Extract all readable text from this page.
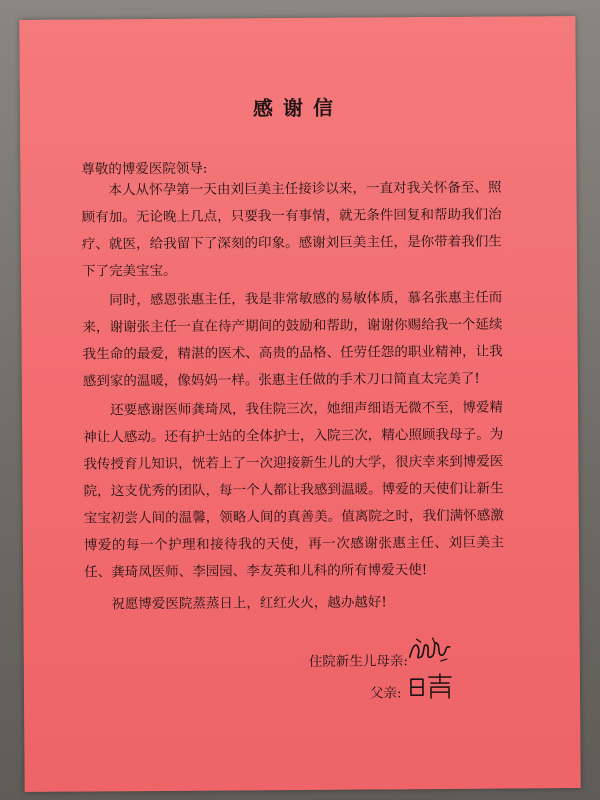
感谢信
尊敬的博爱医院领导:
本人从怀孕第一天由刘巨美主任接诊以来，一直对我关怀备至、照顾有加。无论晚上几点，只要我一有事情，就无条件回复和帮助我们治疗、就医，给我留下了深刻的印象。感谢刘巨美主任，是你带着我们生下了完美宝宝。
同时，感恩张惠主任，我是非常敏感的易敏体质，慕名张惠主任而来，谢谢张主任一直在待产期间的鼓励和帮助，谢谢你赐给我一个延续我生命的最爱，精湛的医术、高贵的品格、任劳任怨的职业精神，让我感到家的温暖，像妈妈一样。张惠主任做的手术刀口简直太完美了!
还要感谢医师龚琦凤，我住院三次，她细声细语无微不至，博爱精神让人感动。还有护士站的全体护士，入院三次，精心照顾我母子。为我传授育儿知识，恍若上了一次迎接新生儿的大学，很庆幸来到博爱医院，这支优秀的团队，每一个人都让我感到温暖。博爱的天使们让新生宝宝初尝人间的温馨，领略人间的真善美。值离院之时，我们满怀感激博爱的每一个护理和接待我的天使，再一次感谢张惠主任、刘巨美主任、龚琦凤医师、李园园、李友英和儿科的所有博爱天使!
祝愿博爱医院蒸蒸日上，红红火火，越办越好!
住院新生儿母亲:
父亲:
